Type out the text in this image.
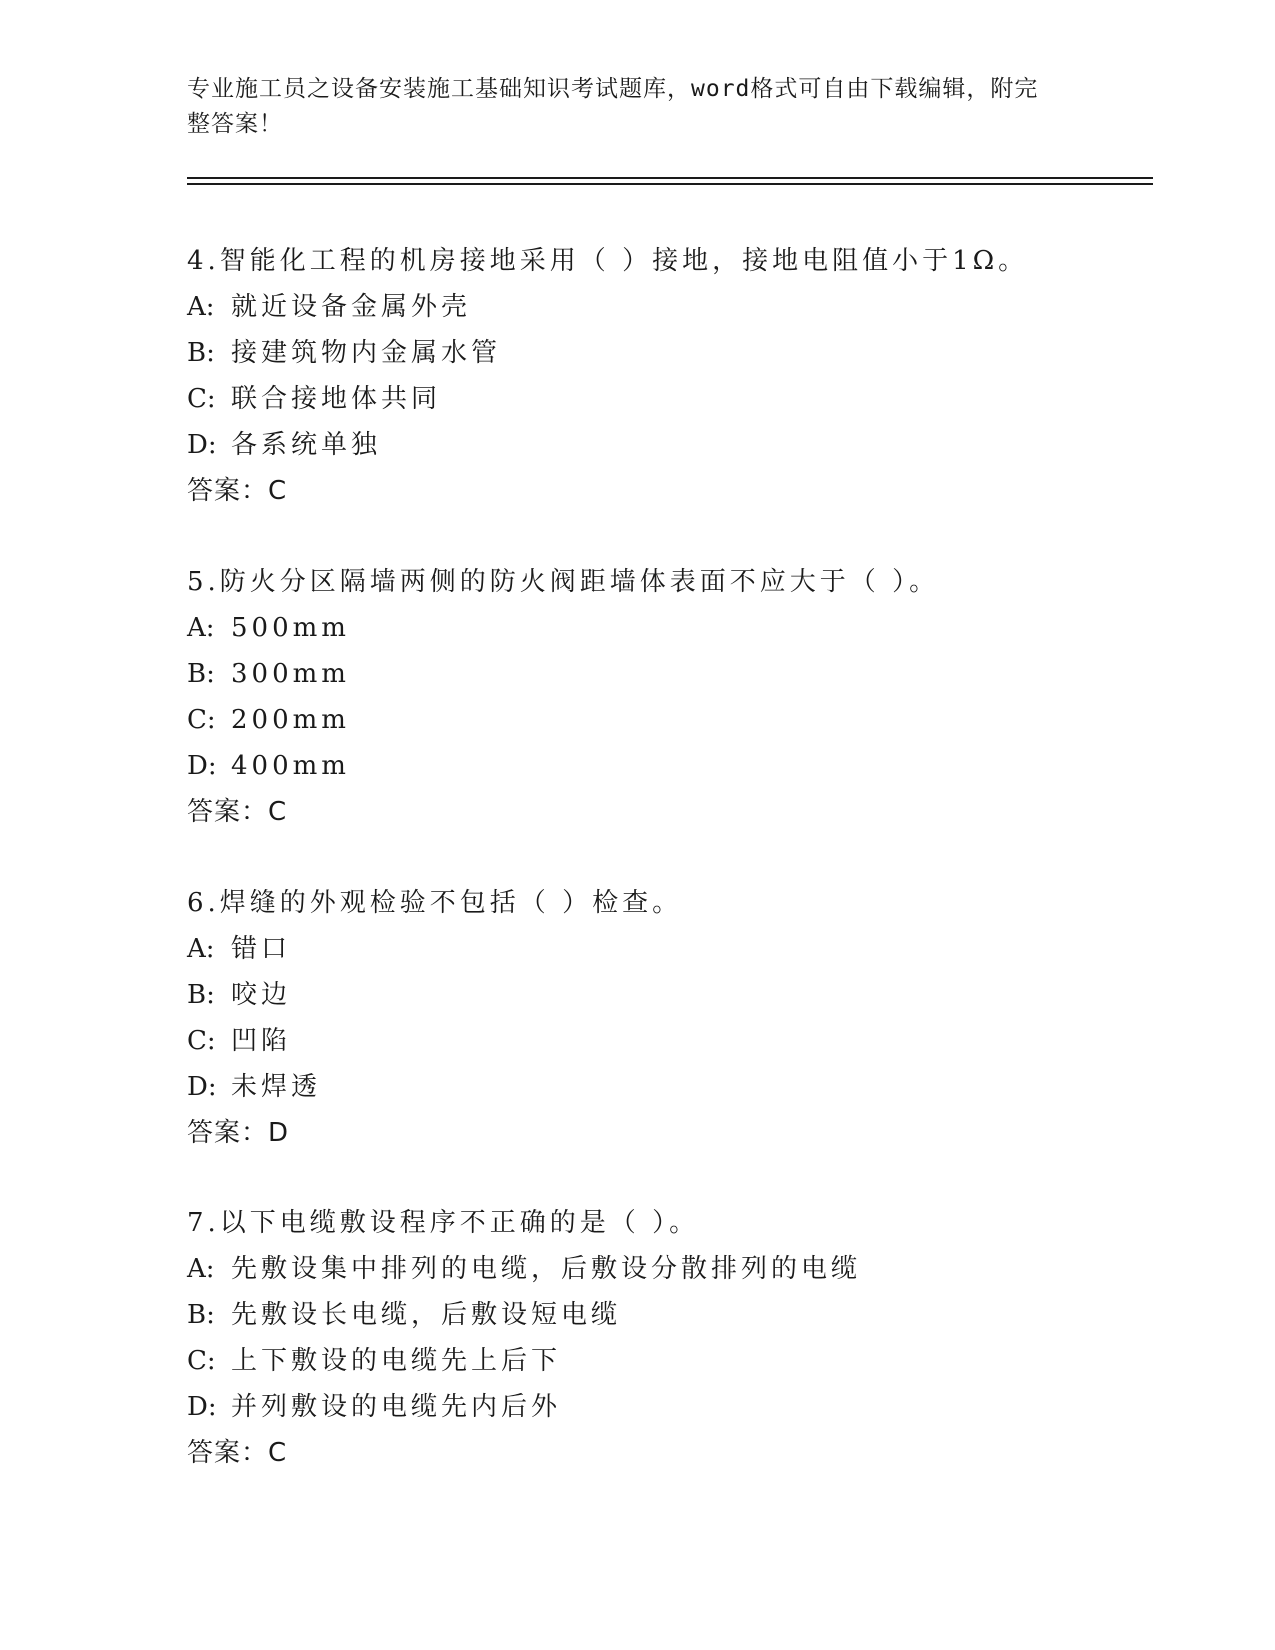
专业施工员之设备安装施工基础知识考试题库，word格式可自由下载编辑，附完
整答案！
4.智能化工程的机房接地采用（ ）接地，接地电阻值小于1Ω。
A: 就近设备金属外壳
B: 接建筑物内金属水管
C: 联合接地体共同
D: 各系统单独
答案：C
5.防火分区隔墙两侧的防火阀距墙体表面不应大于（ ）。
A: 500mm
B: 300mm
C: 200mm
D: 400mm
答案：C
6.焊缝的外观检验不包括（ ）检查。
A: 错口
B: 咬边
C: 凹陷
D: 未焊透
答案：D
7.以下电缆敷设程序不正确的是（ ）。
A: 先敷设集中排列的电缆，后敷设分散排列的电缆
B: 先敷设长电缆，后敷设短电缆
C: 上下敷设的电缆先上后下
D: 并列敷设的电缆先内后外
答案：C
